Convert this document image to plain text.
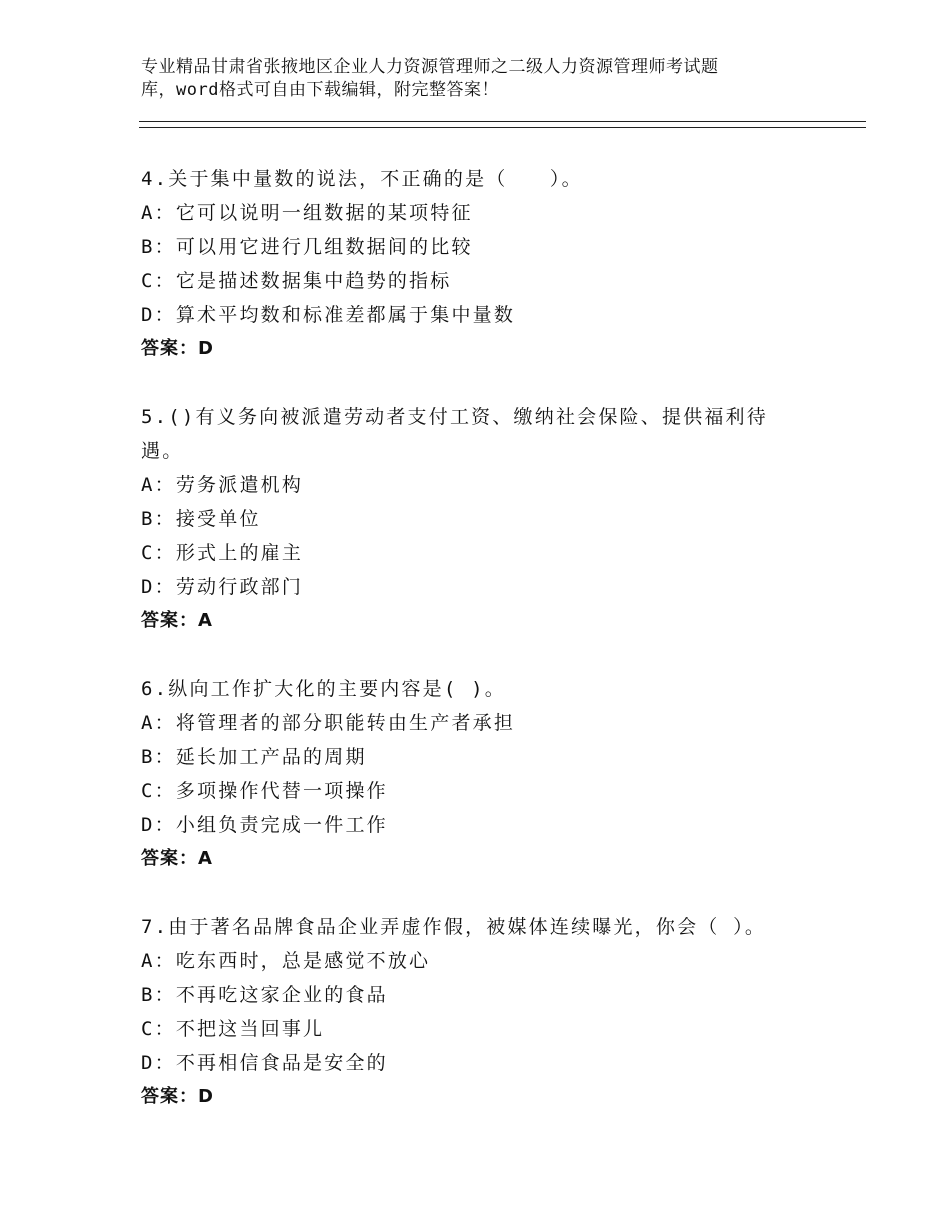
专业精品甘肃省张掖地区企业人力资源管理师之二级人力资源管理师考试题
库，word格式可自由下载编辑，附完整答案！
4.关于集中量数的说法，不正确的是（　　）。
A：它可以说明一组数据的某项特征
B：可以用它进行几组数据间的比较
C：它是描述数据集中趋势的指标
D：算术平均数和标准差都属于集中量数
答案：D
5.()有义务向被派遣劳动者支付工资、缴纳社会保险、提供福利待
遇。
A：劳务派遣机构
B：接受单位
C：形式上的雇主
D：劳动行政部门
答案：A
6.纵向工作扩大化的主要内容是( )。
A：将管理者的部分职能转由生产者承担
B：延长加工产品的周期
C：多项操作代替一项操作
D：小组负责完成一件工作
答案：A
7.由于著名品牌食品企业弄虚作假，被媒体连续曝光，你会（ ）。
A：吃东西时，总是感觉不放心
B：不再吃这家企业的食品
C：不把这当回事儿
D：不再相信食品是安全的
答案：D
